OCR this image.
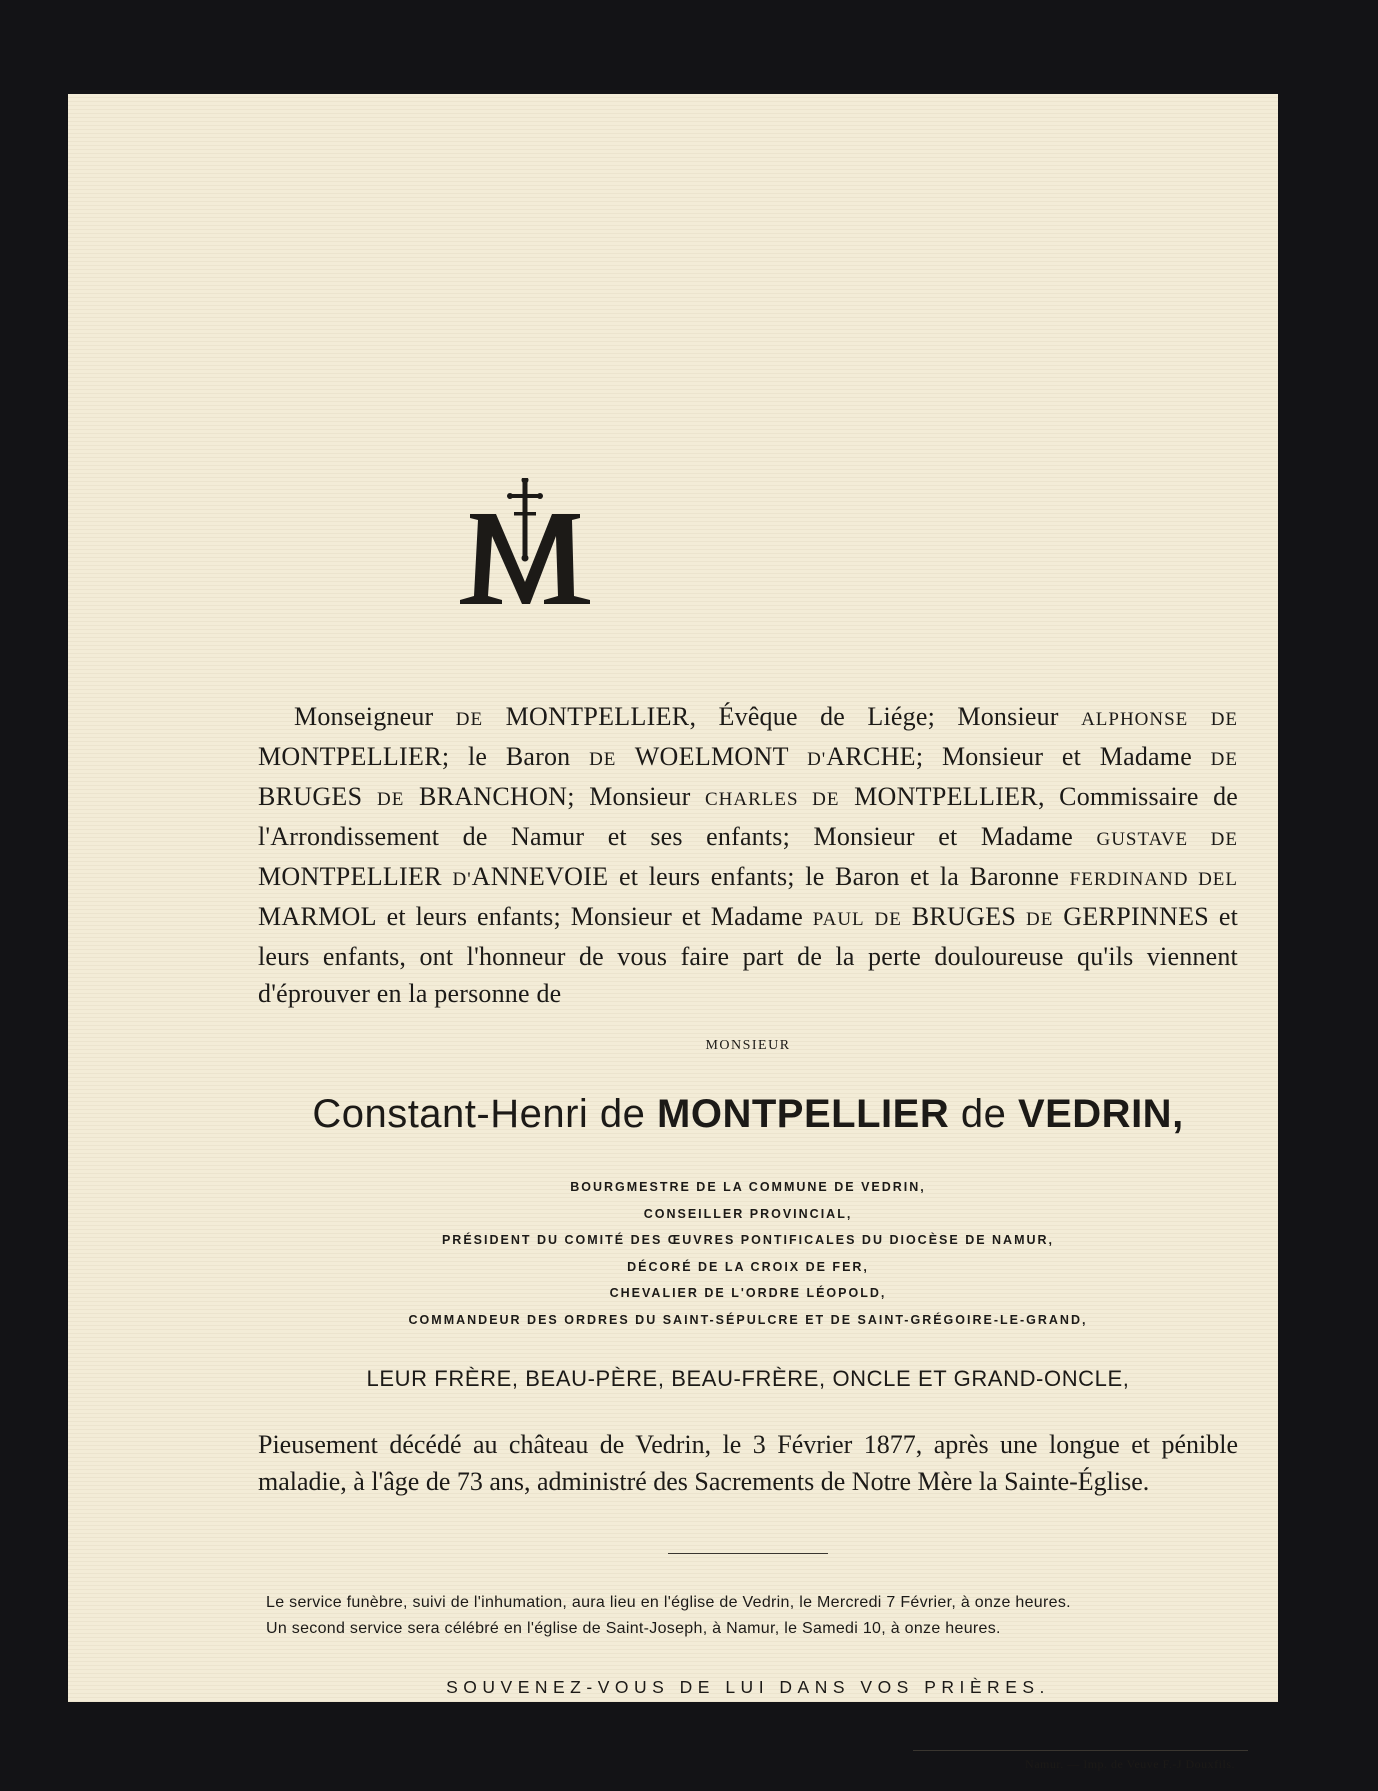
Monseigneur DE MONTPELLIER, Évêque de Liége; Monsieur ALPHONSE DE MONTPELLIER; le Baron DE WOELMONT D'ARCHE; Monsieur et Madame DE BRUGES DE BRANCHON; Monsieur CHARLES DE MONTPELLIER, Commissaire de l'Arrondissement de Namur et ses enfants; Monsieur et Madame GUSTAVE DE MONTPELLIER D'ANNEVOIE et leurs enfants; le Baron et la Baronne FERDINAND DEL MARMOL et leurs enfants; Monsieur et Madame PAUL DE BRUGES DE GERPINNES et leurs enfants, ont l'honneur de vous faire part de la perte douloureuse qu'ils viennent d'éprouver en la personne de
MONSIEUR
Constant-Henri de MONTPELLIER de VEDRIN,
BOURGMESTRE DE LA COMMUNE DE VEDRIN,
CONSEILLER PROVINCIAL,
PRÉSIDENT DU COMITÉ DES ŒUVRES PONTIFICALES DU DIOCÈSE DE NAMUR,
DÉCORÉ DE LA CROIX DE FER,
CHEVALIER DE L'ORDRE LÉOPOLD,
COMMANDEUR DES ORDRES DU SAINT-SÉPULCRE ET DE SAINT-GRÉGOIRE-LE-GRAND,
LEUR FRÈRE, BEAU-PÈRE, BEAU-FRÈRE, ONCLE ET GRAND-ONCLE,
Pieusement décédé au château de Vedrin, le 3 Février 1877, après une longue et pénible maladie, à l'âge de 73 ans, administré des Sacrements de Notre Mère la Sainte-Église.
Le service funèbre, suivi de l'inhumation, aura lieu en l'église de Vedrin, le Mercredi 7 Février, à onze heures.
Un second service sera célébré en l'église de Saint-Joseph, à Namur, le Samedi 10, à onze heures.
SOUVENEZ-VOUS DE LUI DANS VOS PRIÈRES.
Namur. — Imp. de Veuve F.-J Douxfils.
